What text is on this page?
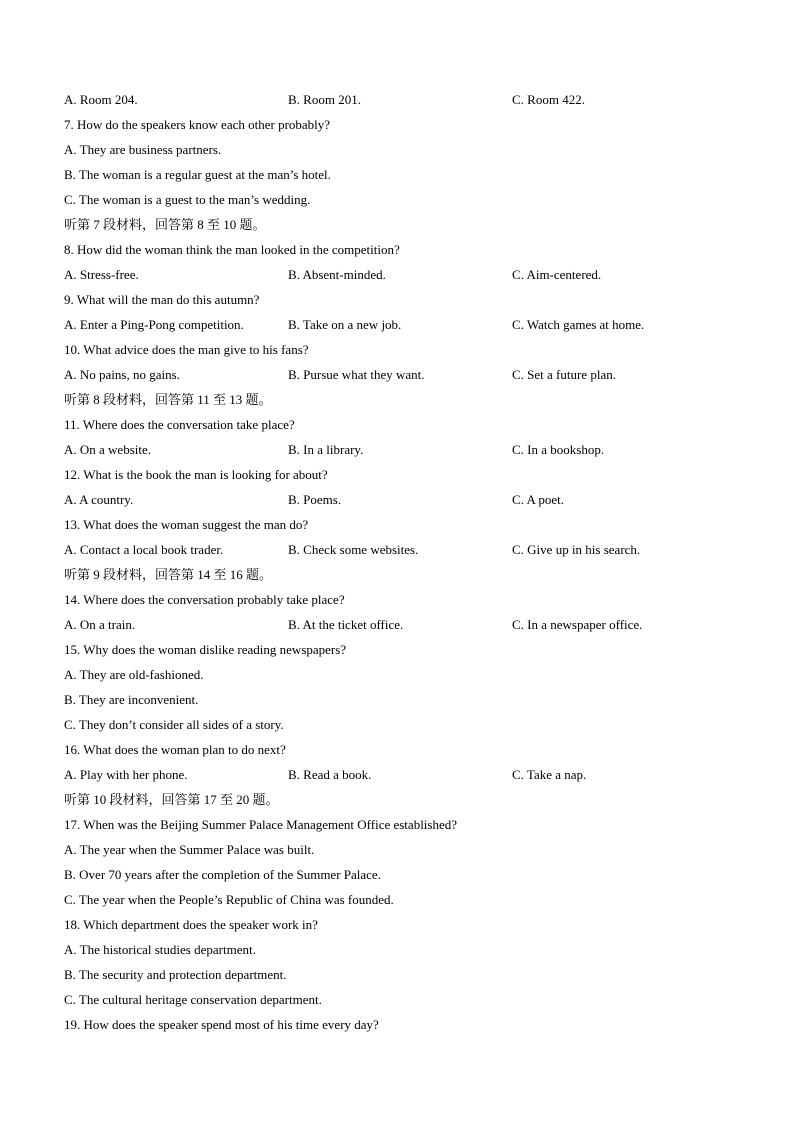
A. Room 204.	B. Room 201.	C. Room 422.
7. How do the speakers know each other probably?
A. They are business partners.
B. The woman is a regular guest at the man’s hotel.
C. The woman is a guest to the man’s wedding.
听第 7 段材料，回答第 8 至 10 题。
8. How did the woman think the man looked in the competition?
A. Stress-free.	B. Absent-minded.	C. Aim-centered.
9. What will the man do this autumn?
A. Enter a Ping-Pong competition.	B. Take on a new job.	C. Watch games at home.
10. What advice does the man give to his fans?
A. No pains, no gains.	B. Pursue what they want.	C. Set a future plan.
听第 8 段材料，回答第 11 至 13 题。
11. Where does the conversation take place?
A. On a website.	B. In a library.	C. In a bookshop.
12. What is the book the man is looking for about?
A. A country.	B. Poems.	C. A poet.
13. What does the woman suggest the man do?
A. Contact a local book trader.	B. Check some websites.	C. Give up in his search.
听第 9 段材料，回答第 14 至 16 题。
14. Where does the conversation probably take place?
A. On a train.	B. At the ticket office.	C. In a newspaper office.
15. Why does the woman dislike reading newspapers?
A. They are old-fashioned.
B. They are inconvenient.
C. They don’t consider all sides of a story.
16. What does the woman plan to do next?
A. Play with her phone.	B. Read a book.	C. Take a nap.
听第 10 段材料，回答第 17 至 20 题。
17. When was the Beijing Summer Palace Management Office established?
A. The year when the Summer Palace was built.
B. Over 70 years after the completion of the Summer Palace.
C. The year when the People’s Republic of China was founded.
18. Which department does the speaker work in?
A. The historical studies department.
B. The security and protection department.
C. The cultural heritage conservation department.
19. How does the speaker spend most of his time every day?
